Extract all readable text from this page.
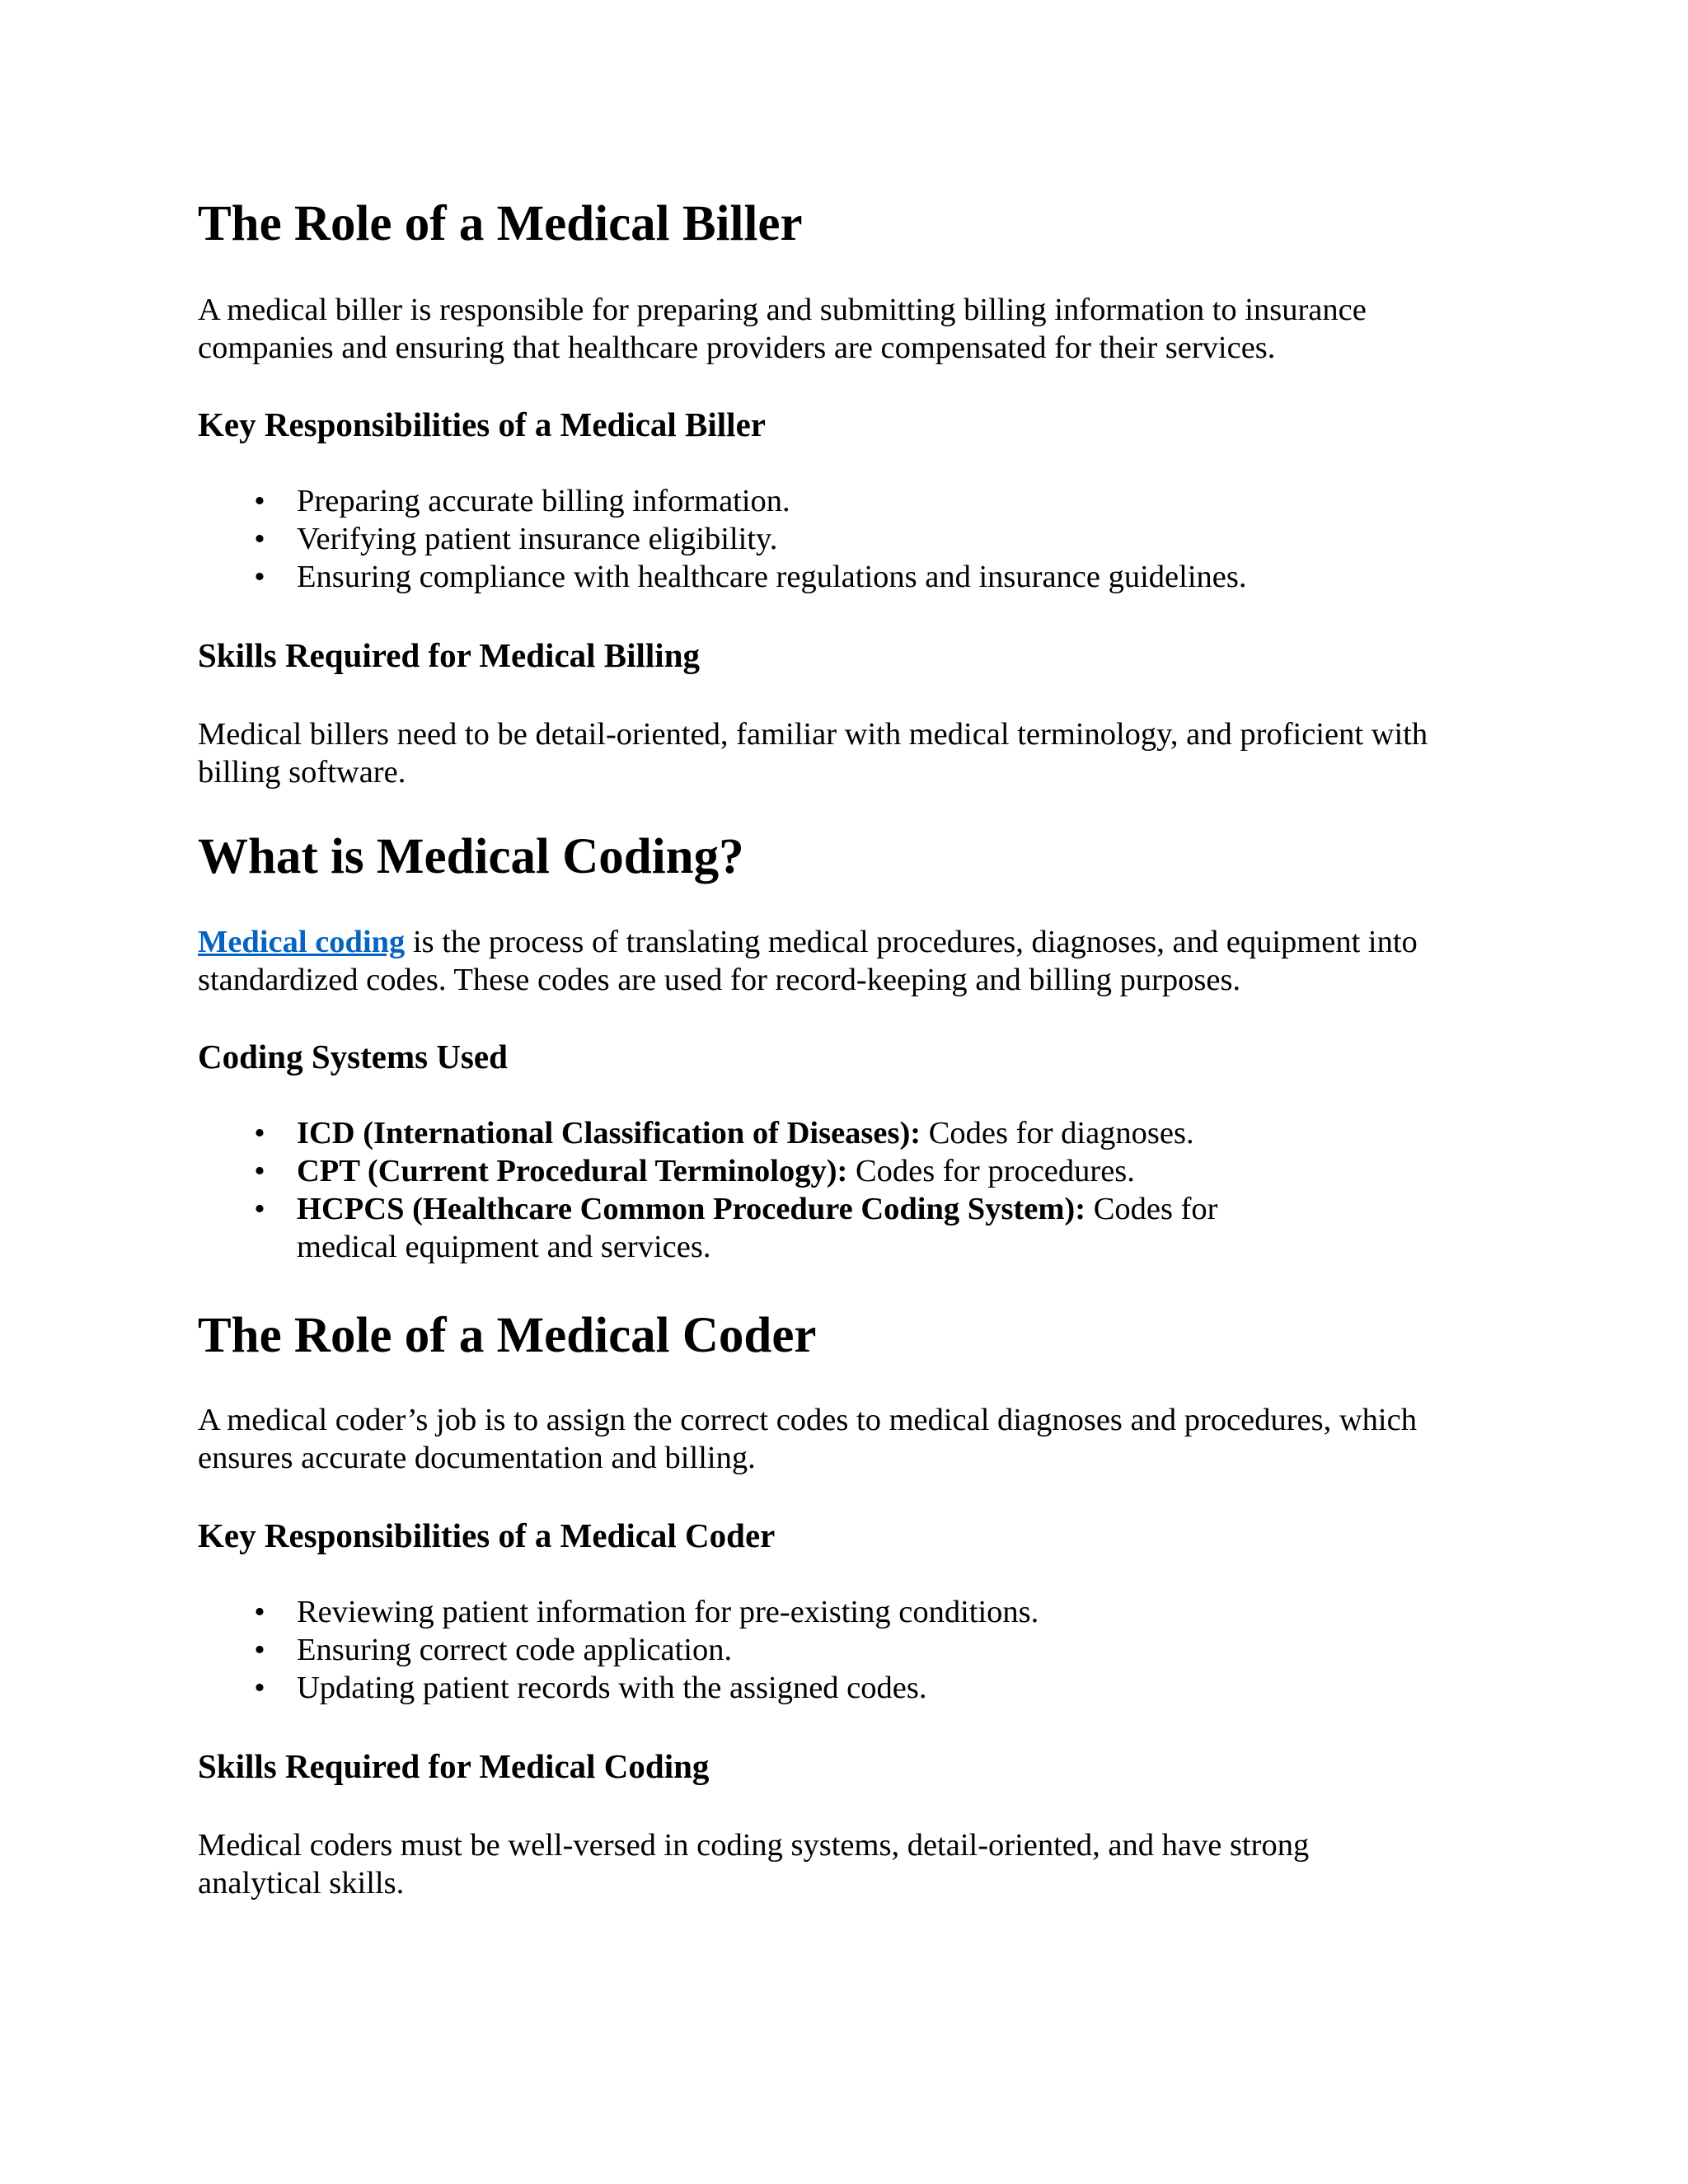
The Role of a Medical Biller

A medical biller is responsible for preparing and submitting billing information to insurance companies and ensuring that healthcare providers are compensated for their services.

Key Responsibilities of a Medical Biller
• Preparing accurate billing information.
• Verifying patient insurance eligibility.
• Ensuring compliance with healthcare regulations and insurance guidelines.
Skills Required for Medical Billing

Medical billers need to be detail-oriented, familiar with medical terminology, and proficient with billing software.

What is Medical Coding?

Medical coding is the process of translating medical procedures, diagnoses, and equipment into standardized codes. These codes are used for record-keeping and billing purposes.

Coding Systems Used
• ICD (International Classification of Diseases): Codes for diagnoses.
• CPT (Current Procedural Terminology): Codes for procedures.
• HCPCS (Healthcare Common Procedure Coding System): Codes for medical equipment and services.
The Role of a Medical Coder

A medical coder’s job is to assign the correct codes to medical diagnoses and procedures, which ensures accurate documentation and billing.

Key Responsibilities of a Medical Coder
• Reviewing patient information for pre-existing conditions.
• Ensuring correct code application.
• Updating patient records with the assigned codes.
Skills Required for Medical Coding

Medical coders must be well-versed in coding systems, detail-oriented, and have strong analytical skills.
